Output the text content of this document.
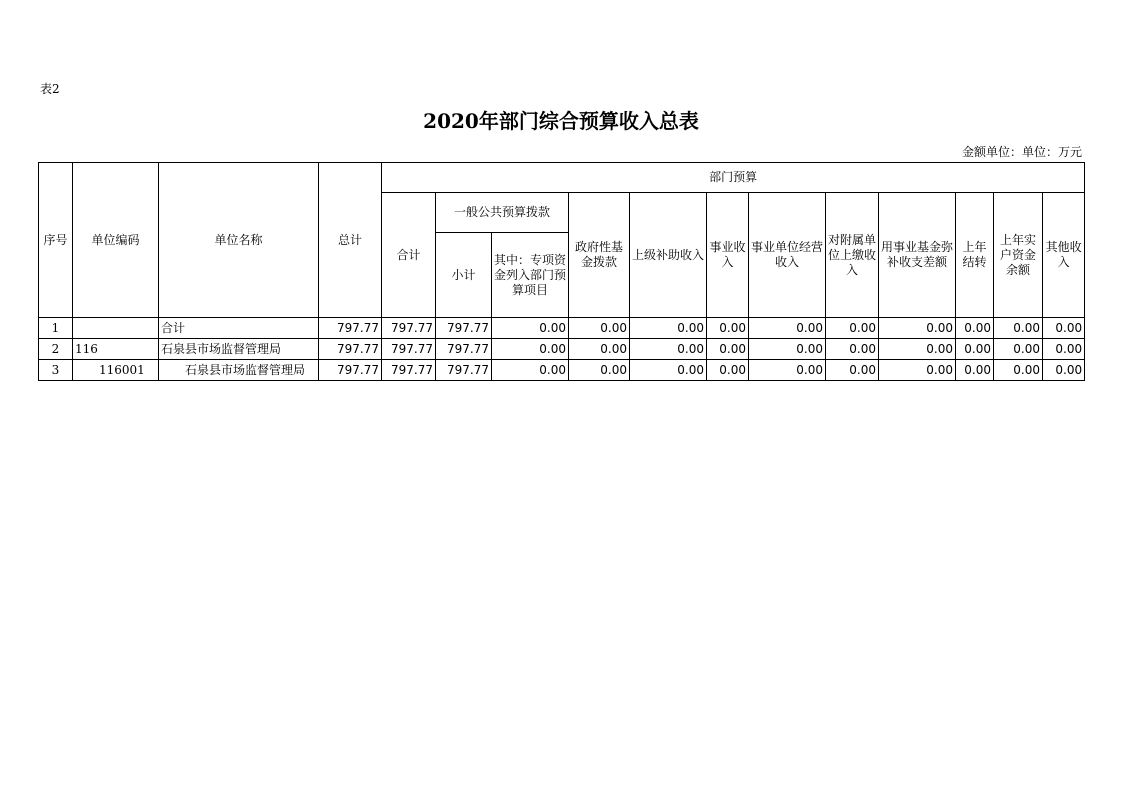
表2
2020年部门综合预算收入总表
金额单位：单位：万元
序号	单位编码	单位名称	总计	部门预算											
				合计	一般公共预算拨款		政府性基金拨款	上级补助收入	事业收入	事业单位经营收入	对附属单位上缴收入	用事业基金弥补收支差额	上年结转	上年实户资金余额	其他收入
					小计	其中：专项资金列入部门预算项目									
1		合计	797.77	797.77	797.77	0.00	0.00	0.00	0.00	0.00	0.00	0.00	0.00	0.00	0.00
2	116	石泉县市场监督管理局	797.77	797.77	797.77	0.00	0.00	0.00	0.00	0.00	0.00	0.00	0.00	0.00	0.00
3	116001	石泉县市场监督管理局	797.77	797.77	797.77	0.00	0.00	0.00	0.00	0.00	0.00	0.00	0.00	0.00	0.00
